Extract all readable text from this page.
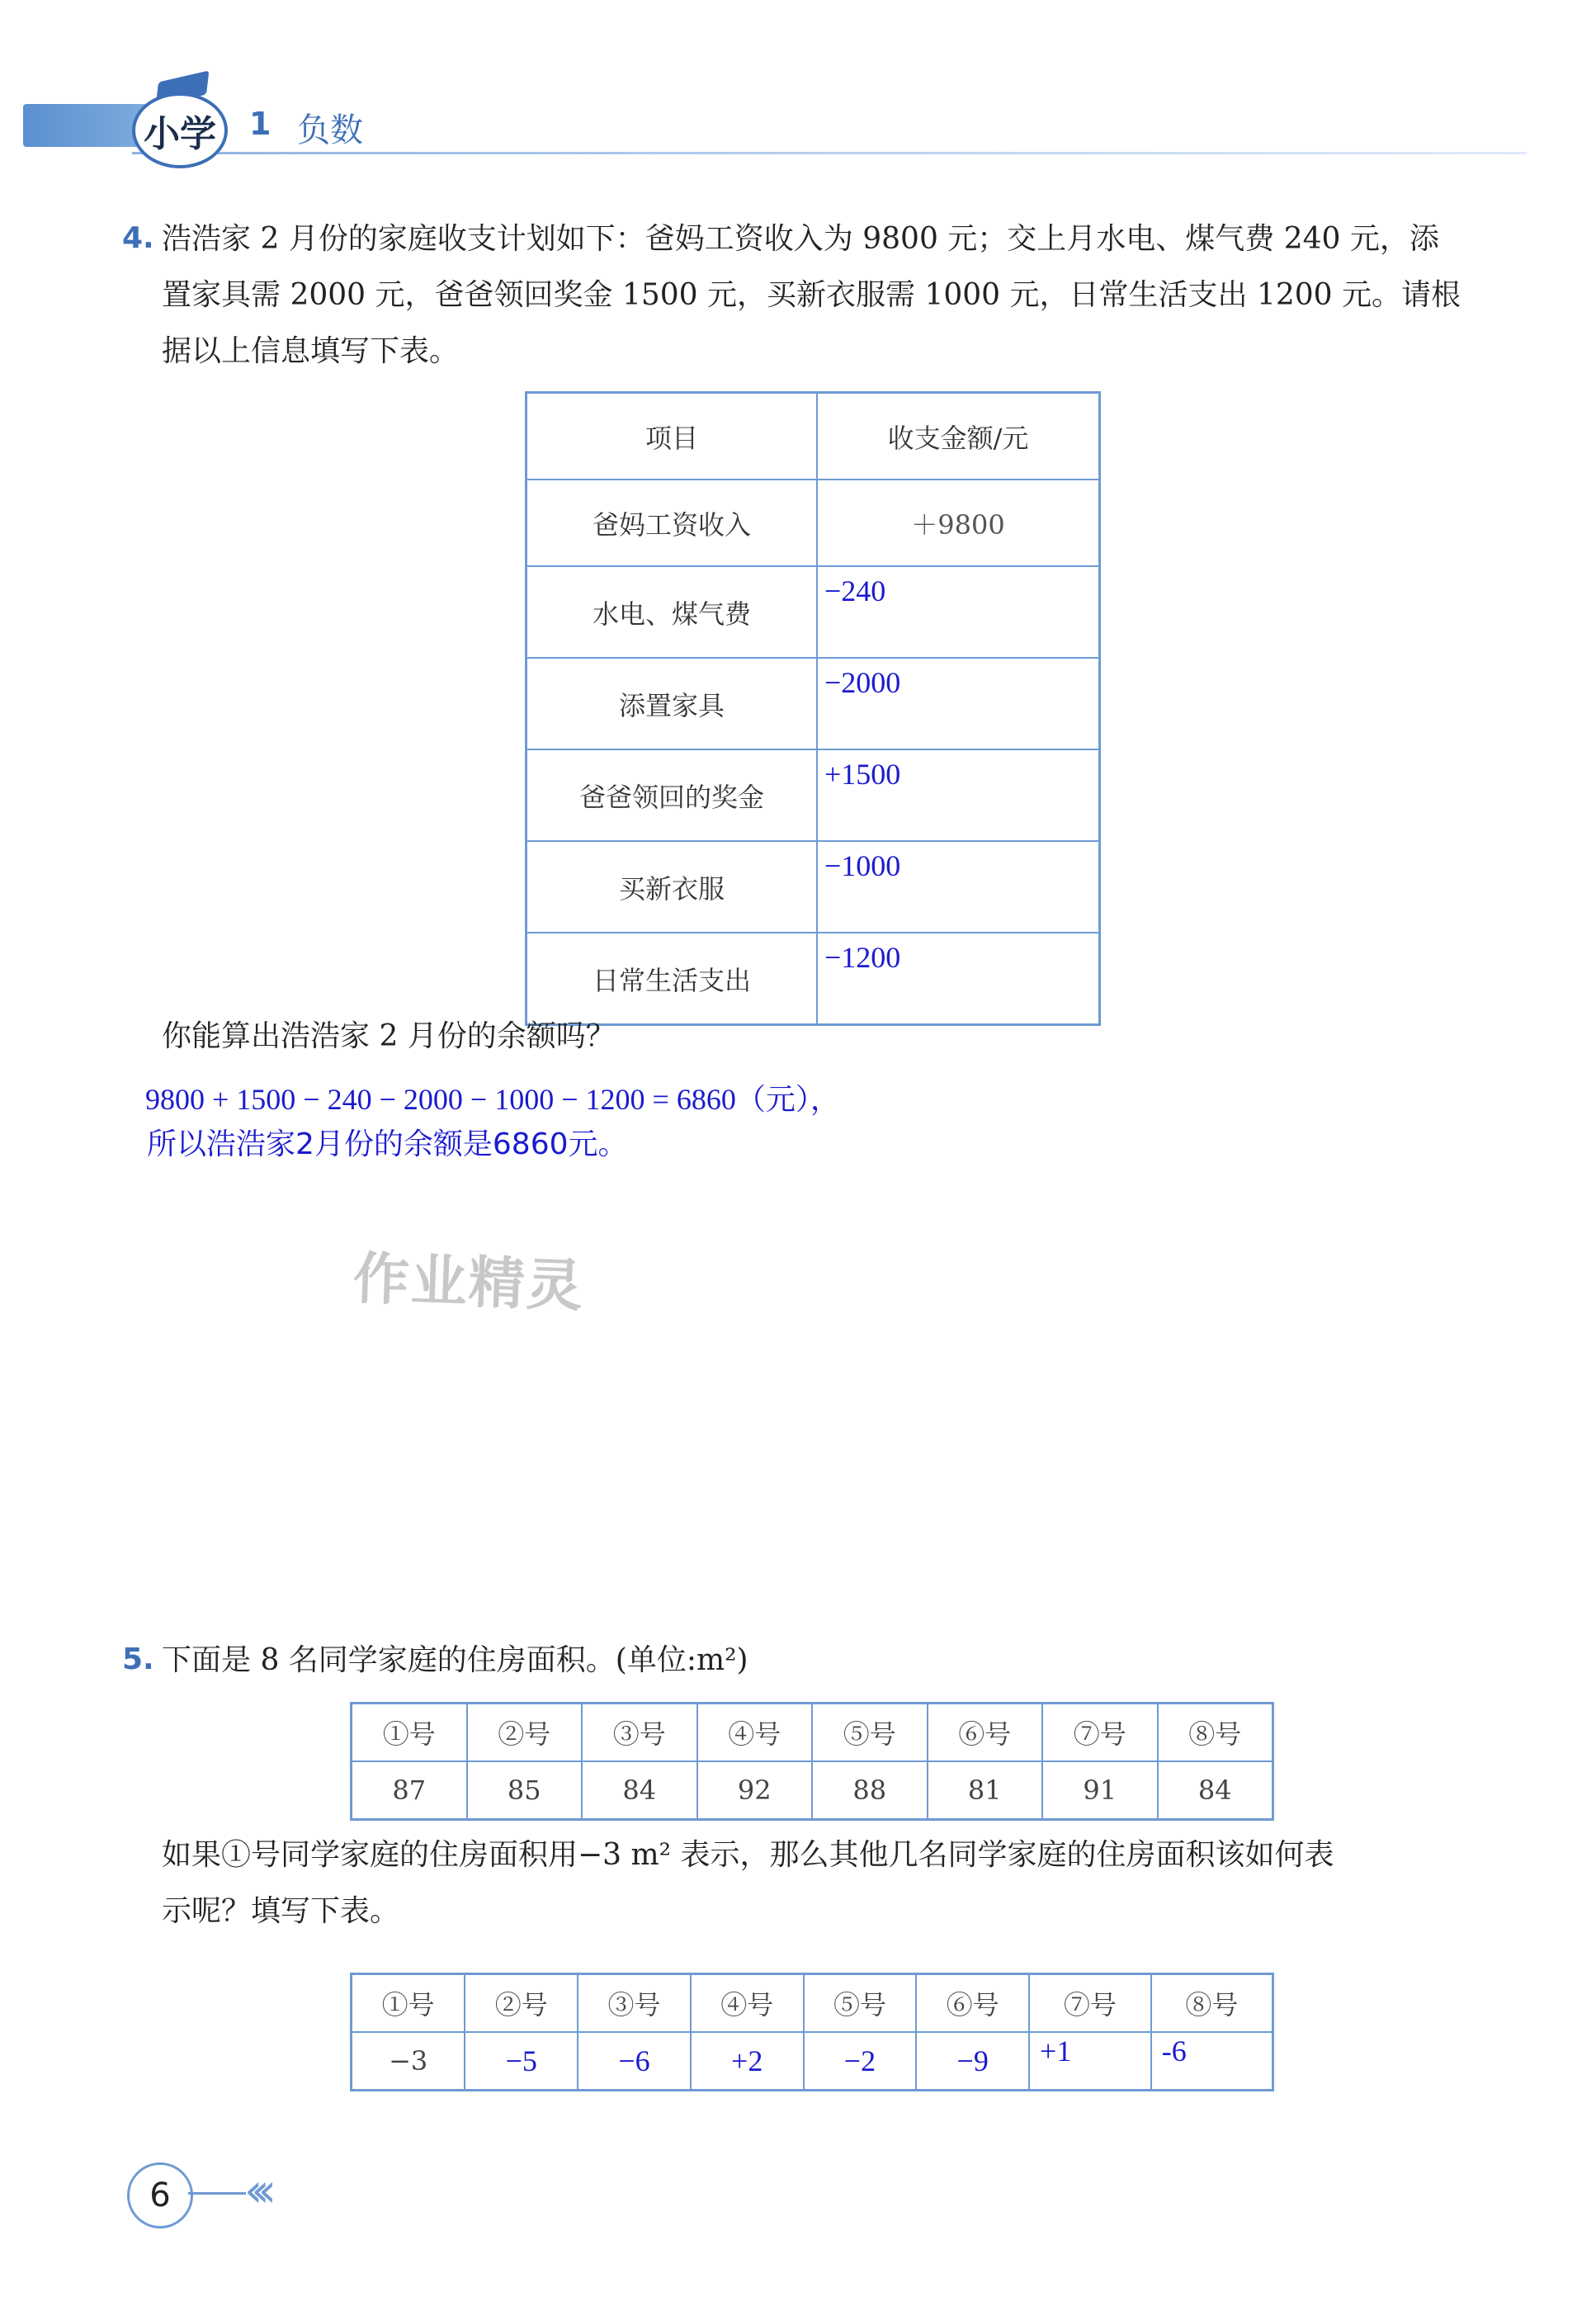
小学	1 负数
4. 浩浩家 2 月份的家庭收支计划如下：爸妈工资收入为 9800 元；交上月水电、煤气费 240 元，添
置家具需 2000 元，爸爸领回奖金 1500 元，买新衣服需 1000 元，日常生活支出 1200 元。请根
据以上信息填写下表。
项目	收支金额/元
爸妈工资收入	＋9800
水电、煤气费	−240
添置家具	−2000
爸爸领回的奖金	+1500
买新衣服	−1000
日常生活支出	−1200
你能算出浩浩家 2 月份的余额吗？
9800 + 1500 − 240 − 2000 − 1000 − 1200 = 6860（元），
所以浩浩家2月份的余额是6860元。
作业精灵
5. 下面是 8 名同学家庭的住房面积。(单位:m²)
①号	②号	③号	④号	⑤号	⑥号	⑦号	⑧号
87	85	84	92	88	81	91	84
如果①号同学家庭的住房面积用−3 m² 表示，那么其他几名同学家庭的住房面积该如何表
示呢？填写下表。
①号	②号	③号	④号	⑤号	⑥号	⑦号	⑧号
−3	−5	−6	+2	−2	−9	+1	-6
6	‹‹‹
